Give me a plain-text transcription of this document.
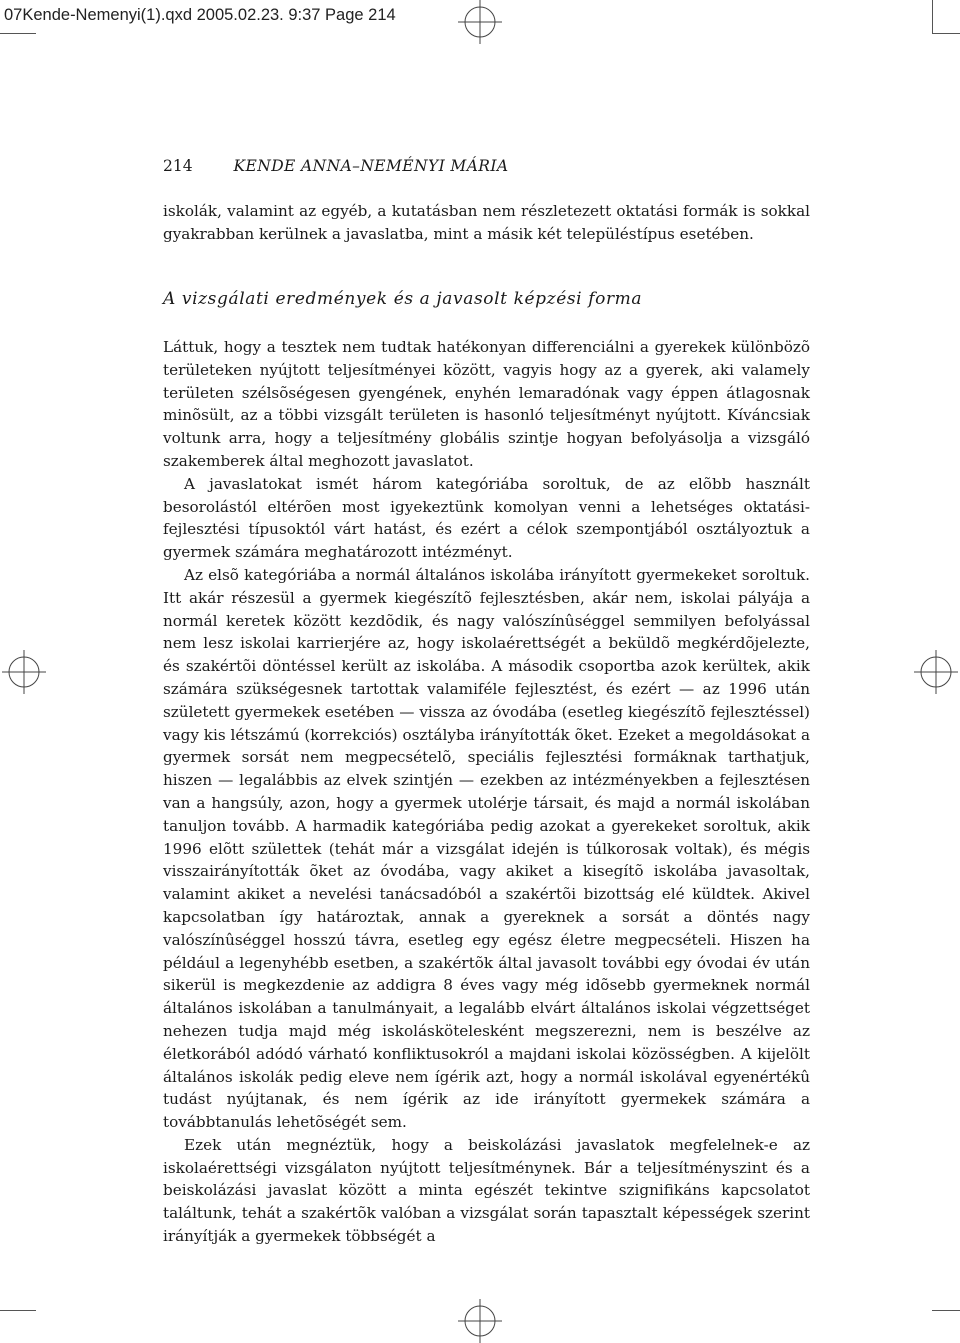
07Kende-Nemenyi(1).qxd 2005.02.23. 9:37 Page 214
214	KENDE ANNA–NEMÉNYI MÁRIA

iskolák, valamint az egyéb, a kutatásban nem részletezett oktatási formák is sokkal gyakrabban kerülnek a javaslatba, mint a másik két településtípus esetében.

A vizsgálati eredmények és a javasolt képzési forma

Láttuk, hogy a tesztek nem tudtak hatékonyan differenciálni a gyerekek különbözõ területeken nyújtott teljesítményei között, vagyis hogy az a gyerek, aki valamely területen szélsõségesen gyengének, enyhén lemaradónak vagy éppen átlagosnak minõsült, az a többi vizsgált területen is hasonló teljesítményt nyújtott. Kíváncsiak voltunk arra, hogy a teljesítmény globális szintje hogyan befolyásolja a vizsgáló szakemberek által meghozott javaslatot.

A javaslatokat ismét három kategóriába soroltuk, de az elõbb használt besorolástól eltérõen most igyekeztünk komolyan venni a lehetséges oktatási-fejlesztési típusoktól várt hatást, és ezért a célok szempontjából osztályoztuk a gyermek számára meghatározott intézményt.

Az elsõ kategóriába a normál általános iskolába irányított gyermekeket soroltuk. Itt akár részesül a gyermek kiegészítõ fejlesztésben, akár nem, iskolai pályája a normál keretek között kezdõdik, és nagy valószínûséggel semmilyen befolyással nem lesz iskolai karrierjére az, hogy iskolaérettségét a beküldõ megkérdõjelezte, és szakértõi döntéssel került az iskolába. A második csoportba azok kerültek, akik számára szükségesnek tartottak valamiféle fejlesztést, és ezért — az 1996 után született gyermekek esetében — vissza az óvodába (esetleg kiegészítõ fejlesztéssel) vagy kis létszámú (korrekciós) osztályba irányították õket. Ezeket a megoldásokat a gyermek sorsát nem megpecsételõ, speciális fejlesztési formáknak tarthatjuk, hiszen — legalábbis az elvek szintjén — ezekben az intézményekben a fejlesztésen van a hangsúly, azon, hogy a gyermek utolérje társait, és majd a normál iskolában tanuljon tovább. A harmadik kategóriába pedig azokat a gyerekeket soroltuk, akik 1996 elõtt születtek (tehát már a vizsgálat idején is túlkorosak voltak), és mégis visszairányították õket az óvodába, vagy akiket a kisegítõ iskolába javasoltak, valamint akiket a nevelési tanácsadóból a szakértõi bizottság elé küldtek. Akivel kapcsolatban így határoztak, annak a gyereknek a sorsát a döntés nagy valószínûséggel hosszú távra, esetleg egy egész életre megpecsételi. Hiszen ha például a legenyhébb esetben, a szakértõk által javasolt további egy óvodai év után sikerül is megkezdenie az addigra 8 éves vagy még idõsebb gyermeknek normál általános iskolában a tanulmányait, a legalább elvárt általános iskolai végzettséget nehezen tudja majd még iskoláskötelesként megszerezni, nem is beszélve az életkorából adódó várható konfliktusokról a majdani iskolai közösségben. A kijelölt általános iskolák pedig eleve nem ígérik azt, hogy a normál iskolával egyenértékû tudást nyújtanak, és nem ígérik az ide irányított gyermekek számára a továbbtanulás lehetõségét sem.

Ezek után megnéztük, hogy a beiskolázási javaslatok megfelelnek-e az iskolaérettségi vizsgálaton nyújtott teljesítménynek. Bár a teljesítményszint és a beiskolázási javaslat között a minta egészét tekintve szignifikáns kapcsolatot találtunk, tehát a szakértõk valóban a vizsgálat során tapasztalt képességek szerint irányítják a gyermekek többségét a
